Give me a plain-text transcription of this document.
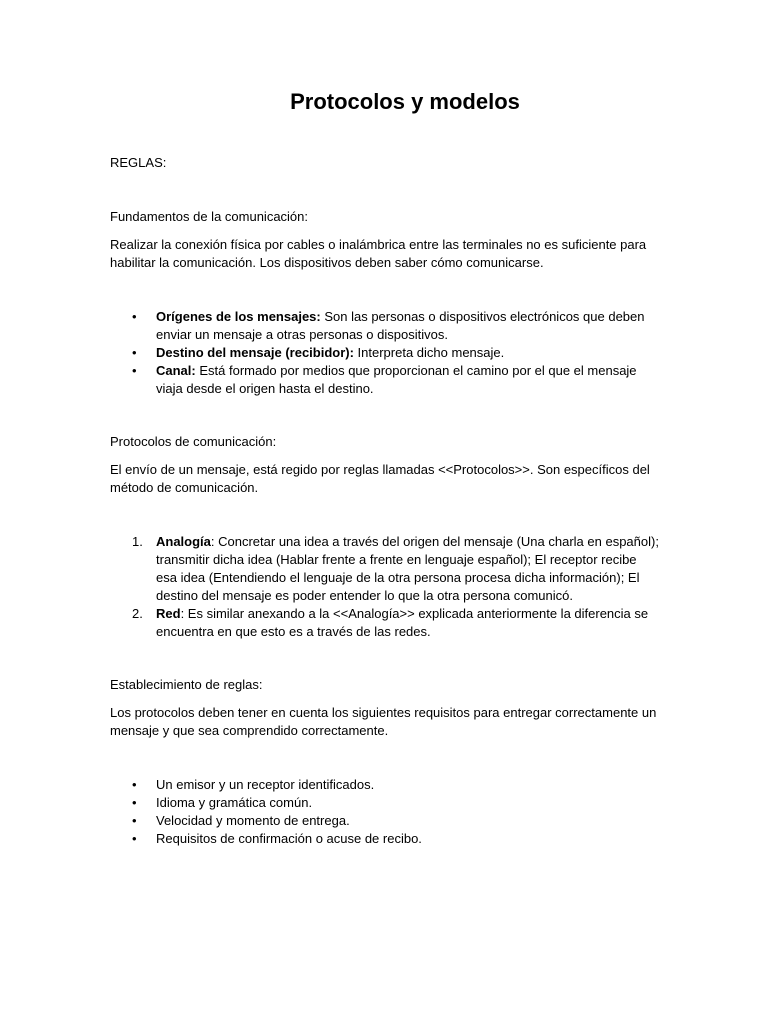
Protocolos y modelos

REGLAS:

Fundamentos de la comunicación:

Realizar la conexión física por cables o inalámbrica entre las terminales no es suficiente para habilitar la comunicación. Los dispositivos deben saber cómo comunicarse.

• Orígenes de los mensajes: Son las personas o dispositivos electrónicos que deben enviar un mensaje a otras personas o dispositivos.
• Destino del mensaje (recibidor): Interpreta dicho mensaje.
• Canal: Está formado por medios que proporcionan el camino por el que el mensaje viaja desde el origen hasta el destino.

Protocolos de comunicación:

El envío de un mensaje, está regido por reglas llamadas <<Protocolos>>. Son específicos del método de comunicación.

1. Analogía: Concretar una idea a través del origen del mensaje (Una charla en español); transmitir dicha idea (Hablar frente a frente en lenguaje español); El receptor recibe esa idea (Entendiendo el lenguaje de la otra persona procesa dicha información); El destino del mensaje es poder entender lo que la otra persona comunicó.
2. Red: Es similar anexando a la <<Analogía>> explicada anteriormente la diferencia se encuentra en que esto es a través de las redes.

Establecimiento de reglas:

Los protocolos deben tener en cuenta los siguientes requisitos para entregar correctamente un mensaje y que sea comprendido correctamente.

• Un emisor y un receptor identificados.
• Idioma y gramática común.
• Velocidad y momento de entrega.
• Requisitos de confirmación o acuse de recibo.
